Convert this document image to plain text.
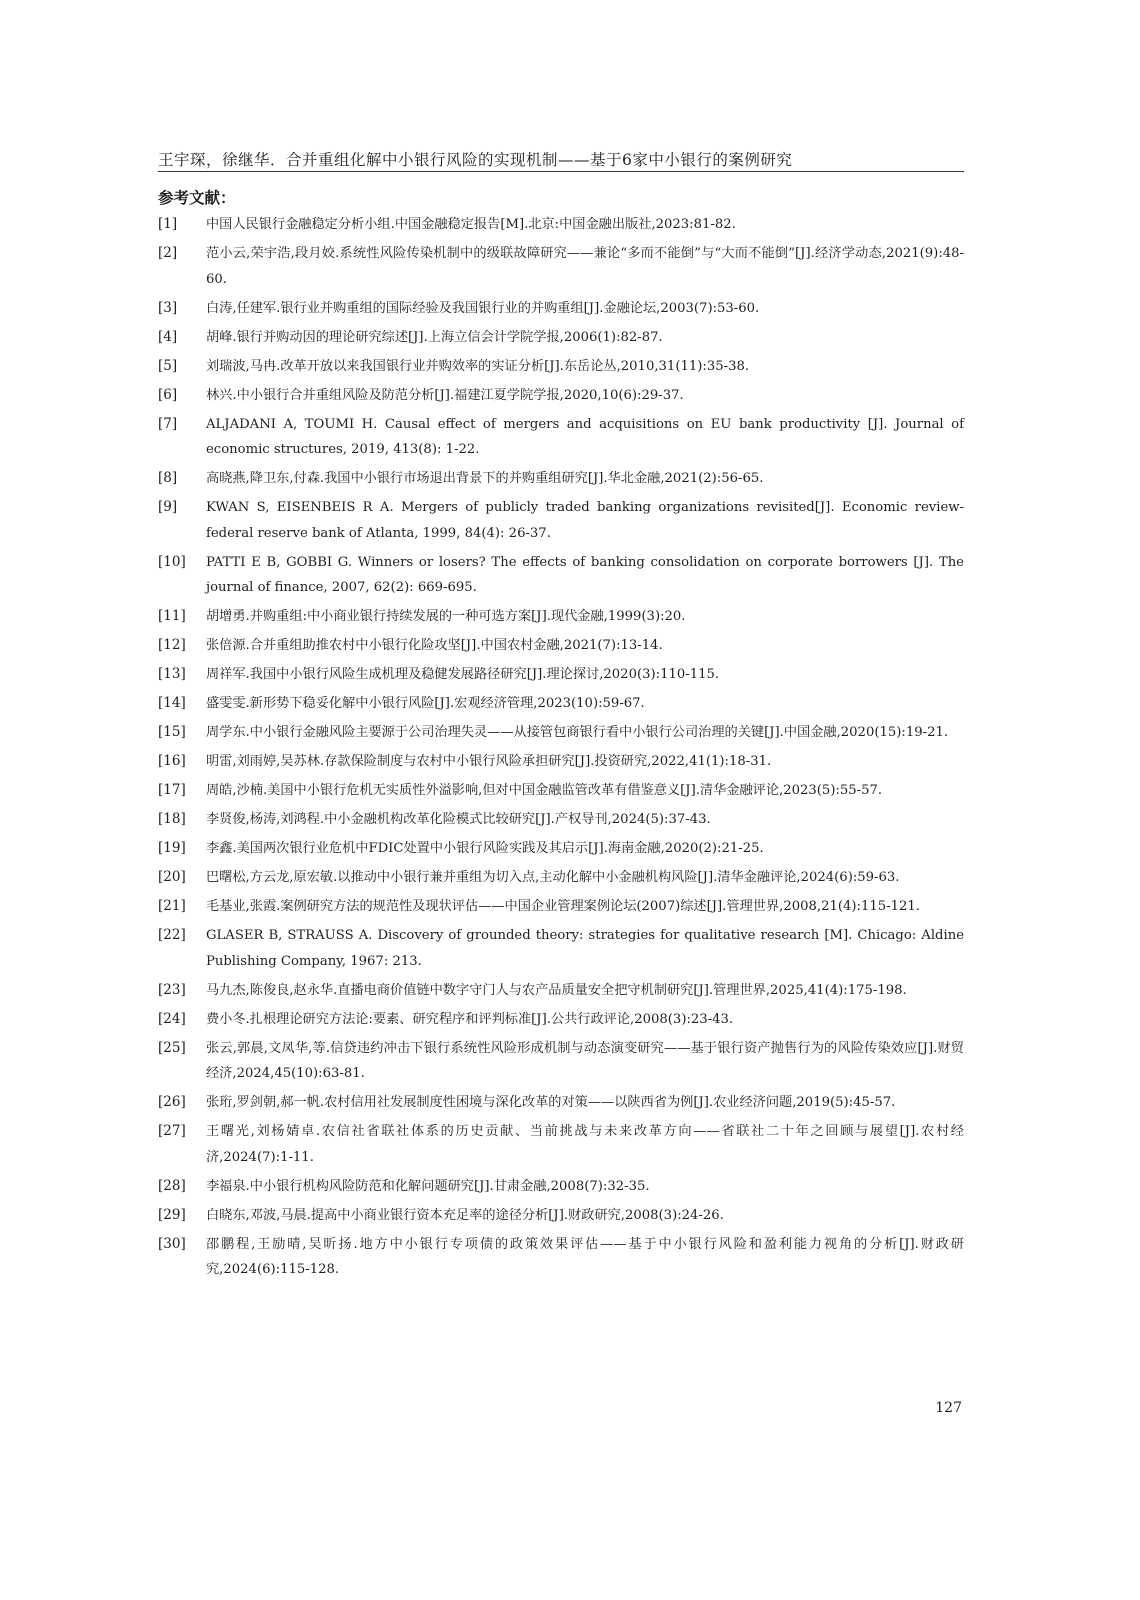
王宇琛，徐继华．合并重组化解中小银行风险的实现机制——基于6家中小银行的案例研究
参考文献：
[1]	中国人民银行金融稳定分析小组.中国金融稳定报告[M].北京:中国金融出版社,2023:81-82.
[2]	范小云,荣宇浩,段月姣.系统性风险传染机制中的级联故障研究——兼论“多而不能倒”与“大而不能倒”[J].经济学动态,2021(9):48-60.
[3]	白涛,任建军.银行业并购重组的国际经验及我国银行业的并购重组[J].金融论坛,2003(7):53-60.
[4]	胡峰.银行并购动因的理论研究综述[J].上海立信会计学院学报,2006(1):82-87.
[5]	刘瑞波,马冉.改革开放以来我国银行业并购效率的实证分析[J].东岳论丛,2010,31(11):35-38.
[6]	林兴.中小银行合并重组风险及防范分析[J].福建江夏学院学报,2020,10(6):29-37.
[7]	ALJADANI A, TOUMI H. Causal effect of mergers and acquisitions on EU bank productivity [J]. Journal of economic structures, 2019, 413(8): 1-22.
[8]	高晓燕,降卫东,付森.我国中小银行市场退出背景下的并购重组研究[J].华北金融,2021(2):56-65.
[9]	KWAN S, EISENBEIS R A. Mergers of publicly traded banking organizations revisited[J]. Economic review-federal reserve bank of Atlanta, 1999, 84(4): 26-37.
[10]	PATTI E B, GOBBI G. Winners or losers? The effects of banking consolidation on corporate borrowers [J]. The journal of finance, 2007, 62(2): 669-695.
[11]	胡增勇.并购重组:中小商业银行持续发展的一种可选方案[J].现代金融,1999(3):20.
[12]	张倍源.合并重组助推农村中小银行化险攻坚[J].中国农村金融,2021(7):13-14.
[13]	周祥军.我国中小银行风险生成机理及稳健发展路径研究[J].理论探讨,2020(3):110-115.
[14]	盛雯雯.新形势下稳妥化解中小银行风险[J].宏观经济管理,2023(10):59-67.
[15]	周学东.中小银行金融风险主要源于公司治理失灵——从接管包商银行看中小银行公司治理的关键[J].中国金融,2020(15):19-21.
[16]	明雷,刘雨婷,吴苏林.存款保险制度与农村中小银行风险承担研究[J].投资研究,2022,41(1):18-31.
[17]	周皓,沙楠.美国中小银行危机无实质性外溢影响,但对中国金融监管改革有借鉴意义[J].清华金融评论,2023(5):55-57.
[18]	李贤俊,杨涛,刘鸿程.中小金融机构改革化险模式比较研究[J].产权导刊,2024(5):37-43.
[19]	李鑫.美国两次银行业危机中FDIC处置中小银行风险实践及其启示[J].海南金融,2020(2):21-25.
[20]	巴曙松,方云龙,原宏敏.以推动中小银行兼并重组为切入点,主动化解中小金融机构风险[J].清华金融评论,2024(6):59-63.
[21]	毛基业,张霞.案例研究方法的规范性及现状评估——中国企业管理案例论坛(2007)综述[J].管理世界,2008,21(4):115-121.
[22]	GLASER B, STRAUSS A. Discovery of grounded theory: strategies for qualitative research [M]. Chicago: Aldine Publishing Company, 1967: 213.
[23]	马九杰,陈俊良,赵永华.直播电商价值链中数字守门人与农产品质量安全把守机制研究[J].管理世界,2025,41(4):175-198.
[24]	费小冬.扎根理论研究方法论:要素、研究程序和评判标准[J].公共行政评论,2008(3):23-43.
[25]	张云,郭晨,文凤华,等.信贷违约冲击下银行系统性风险形成机制与动态演变研究——基于银行资产抛售行为的风险传染效应[J].财贸经济,2024,45(10):63-81.
[26]	张珩,罗剑朝,郝一帆.农村信用社发展制度性困境与深化改革的对策——以陕西省为例[J].农业经济问题,2019(5):45-57.
[27]	王曙光,刘杨婧卓.农信社省联社体系的历史贡献、当前挑战与未来改革方向——省联社二十年之回顾与展望[J].农村经济,2024(7):1-11.
[28]	李福泉.中小银行机构风险防范和化解问题研究[J].甘肃金融,2008(7):32-35.
[29]	白晓东,邓波,马晨.提高中小商业银行资本充足率的途径分析[J].财政研究,2008(3):24-26.
[30]	邵鹏程,王励晴,吴昕扬.地方中小银行专项债的政策效果评估——基于中小银行风险和盈利能力视角的分析[J].财政研究,2024(6):115-128.
127
